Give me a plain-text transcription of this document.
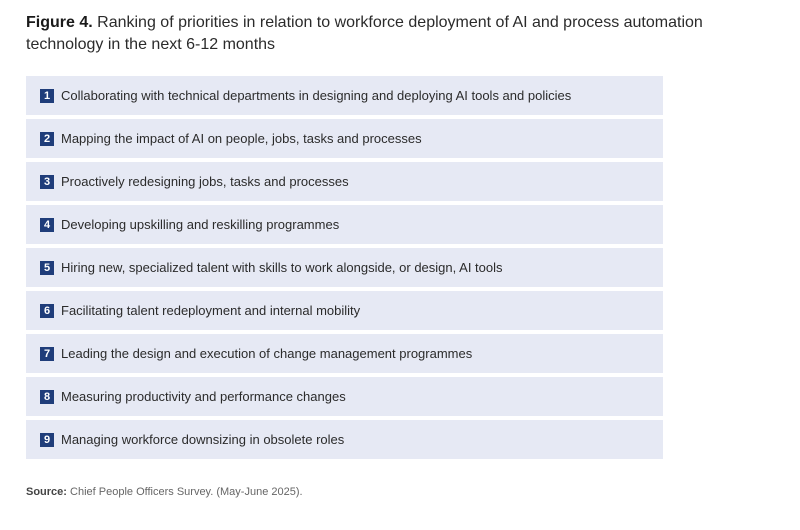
Figure 4. Ranking of priorities in relation to workforce deployment of AI and process automation technology in the next 6-12 months
1 Collaborating with technical departments in designing and deploying AI tools and policies
2 Mapping the impact of AI on people, jobs, tasks and processes
3 Proactively redesigning jobs, tasks and processes
4 Developing upskilling and reskilling programmes
5 Hiring new, specialized talent with skills to work alongside, or design, AI tools
6 Facilitating talent redeployment and internal mobility
7 Leading the design and execution of change management programmes
8 Measuring productivity and performance changes
9 Managing workforce downsizing in obsolete roles
Source: Chief People Officers Survey. (May-June 2025).
